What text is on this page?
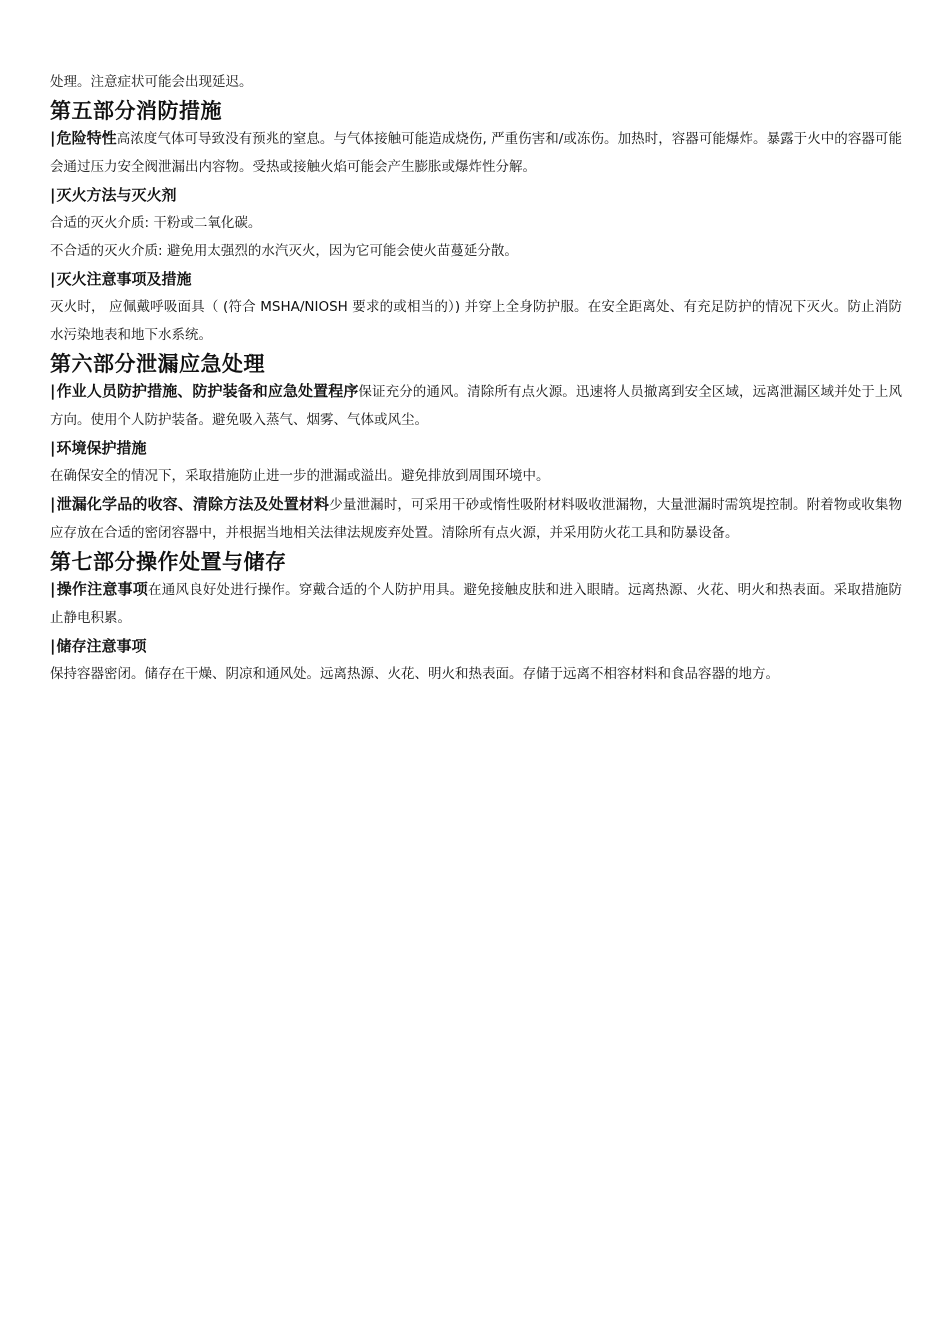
处理。注意症状可能会出现延迟。

第五部分消防措施

|危险特性高浓度气体可导致没有预兆的窒息。与气体接触可能造成烧伤, 严重伤害和/或冻伤。加热时，容器可能爆炸。暴露于火中的容器可能会通过压力安全阀泄漏出内容物。受热或接触火焰可能会产生膨胀或爆炸性分解。

|灭火方法与灭火剂

合适的灭火介质: 干粉或二氧化碳。

不合适的灭火介质: 避免用太强烈的水汽灭火，因为它可能会使火苗蔓延分散。

|灭火注意事项及措施

灭火时， 应佩戴呼吸面具（ (符合 MSHA/NIOSH 要求的或相当的）) 并穿上全身防护服。在安全距离处、有充足防护的情况下灭火。防止消防水污染地表和地下水系统。

第六部分泄漏应急处理

|作业人员防护措施、防护装备和应急处置程序保证充分的通风。清除所有点火源。迅速将人员撤离到安全区域，远离泄漏区域并处于上风方向。使用个人防护装备。避免吸入蒸气、烟雾、气体或风尘。

|环境保护措施

在确保安全的情况下，采取措施防止进一步的泄漏或溢出。避免排放到周围环境中。

|泄漏化学品的收容、清除方法及处置材料少量泄漏时，可采用干砂或惰性吸附材料吸收泄漏物，大量泄漏时需筑堤控制。附着物或收集物应存放在合适的密闭容器中，并根据当地相关法律法规废弃处置。清除所有点火源，并采用防火花工具和防暴设备。

第七部分操作处置与储存

|操作注意事项在通风良好处进行操作。穿戴合适的个人防护用具。避免接触皮肤和进入眼睛。远离热源、火花、明火和热表面。采取措施防止静电积累。

|储存注意事项

保持容器密闭。储存在干燥、阴凉和通风处。远离热源、火花、明火和热表面。存储于远离不相容材料和食品容器的地方。
